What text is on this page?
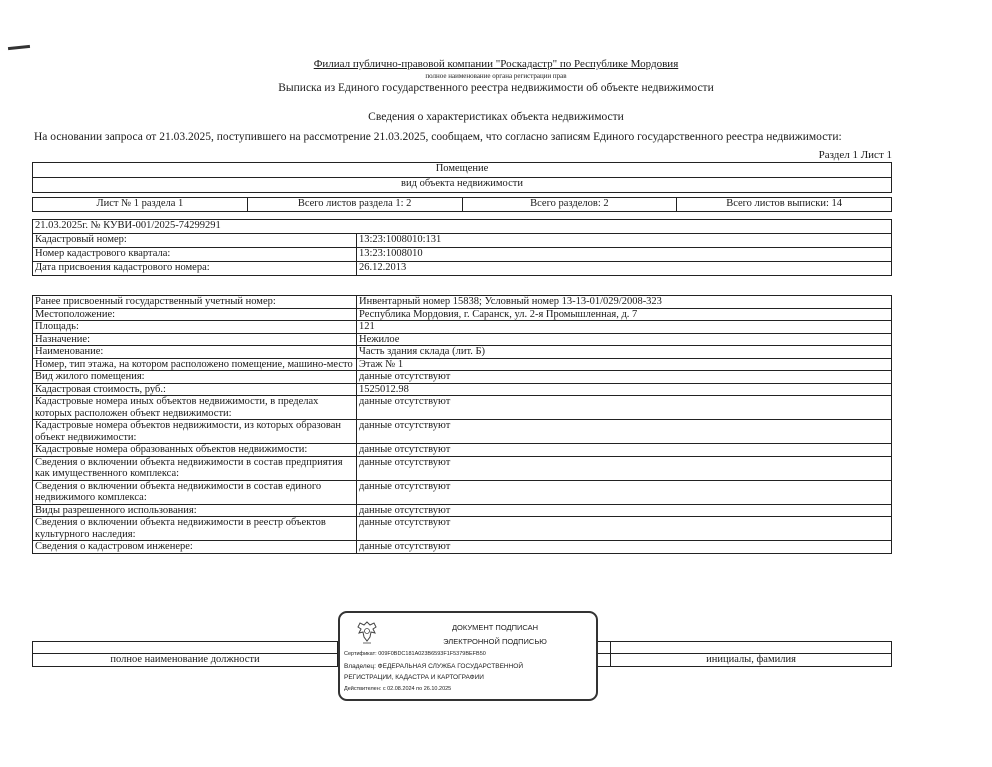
Филиал публично-правовой компании "Роскадастр" по Республике Мордовия
полное наименование органа регистрации прав
Выписка из Единого государственного реестра недвижимости об объекте недвижимости
Сведения о характеристиках объекта недвижимости
На основании запроса от 21.03.2025, поступившего на рассмотрение 21.03.2025, сообщаем, что согласно записям Единого государственного реестра недвижимости:
Раздел 1 Лист 1
Помещение
вид объекта недвижимости
Лист № 1 раздела 1	Всего листов раздела 1: 2	Всего разделов: 2	Всего листов выписки: 14
21.03.2025г. № КУВИ-001/2025-74299291	
Кадастровый номер:	13:23:1008010:131
Номер кадастрового квартала:	13:23:1008010
Дата присвоения кадастрового номера:	26.12.2013
Ранее присвоенный государственный учетный номер:	Инвентарный номер 15838; Условный номер 13-13-01/029/2008-323
Местоположение:	Республика Мордовия, г. Саранск, ул. 2-я Промышленная, д. 7
Площадь:	121
Назначение:	Нежилое
Наименование:	Часть здания склада (лит. Б)
Номер, тип этажа, на котором расположено помещение, машино-место	Этаж № 1
Вид жилого помещения:	данные отсутствуют
Кадастровая стоимость, руб.:	1525012.98
Кадастровые номера иных объектов недвижимости, в пределах которых расположен объект недвижимости:	данные отсутствуют
Кадастровые номера объектов недвижимости, из которых образован объект недвижимости:	данные отсутствуют
Кадастровые номера образованных объектов недвижимости:	данные отсутствуют
Сведения о включении объекта недвижимости в состав предприятия как имущественного комплекса:	данные отсутствуют
Сведения о включении объекта недвижимости в состав единого недвижимого комплекса:	данные отсутствуют
Виды разрешенного использования:	данные отсутствуют
Сведения о включении объекта недвижимости в реестр объектов культурного наследия:	данные отсутствуют
Сведения о кадастровом инженере:	данные отсутствуют

полное наименование должности		инициалы, фамилия
ДОКУМЕНТ ПОДПИСАН
ЭЛЕКТРОННОЙ ПОДПИСЬЮ
Сертификат: 009F0BDC181A023B6593F1F5379BEFB50
Владелец: ФЕДЕРАЛЬНАЯ СЛУЖБА ГОСУДАРСТВЕННОЙ
РЕГИСТРАЦИИ, КАДАСТРА И КАРТОГРАФИИ
Действителен: с 02.08.2024 по 26.10.2025
